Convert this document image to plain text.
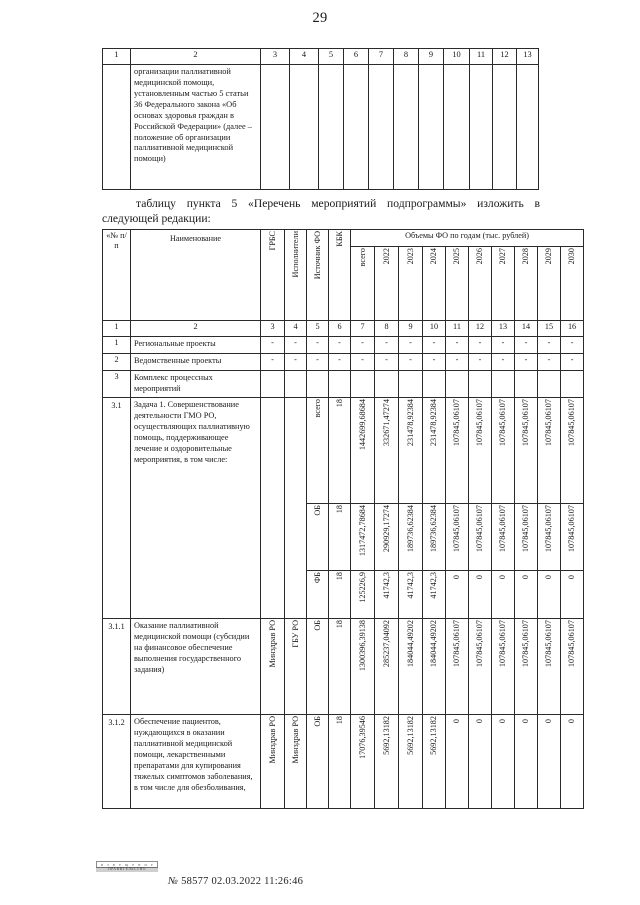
29
1	2	3	4	5	6	7	8	9	10	11	12	13
	организации паллиативной медицинской помощи, установленным частью 5 статьи 36 Федерального закона «Об основах здоровья граждан в Российской Федерации» (далее – положение об организации паллиативной медицинской помощи)											
таблицу пункта 5 «Перечень мероприятий подпрограммы» изложить в следующей редакции:
«№ п/п	Наименование	ГРБС	Исполнители	Источник ФО	КБК	Объемы ФО по годам (тыс. рублей)									
						всего	2022	2023	2024	2025	2026	2027	2028	2029	2030
1	2	3	4	5	6	7	8	9	10	11	12	13	14	15	16
1	Региональные проекты	-	-	-	-	-	-	-	-	-	-	-	-	-	-
2	Ведомственные проекты	-	-	-	-	-	-	-	-	-	-	-	-	-	-
3	Комплекс процессных мероприятий														
3.1	Задача 1. Совершенствование деятельности ГМО РО, осуществляющих паллиативную помощь, поддерживающее лечение и оздоровительные мероприятия, в том числе:			всего	18	1442699,68684	332671,47274	231478,92384	231478,92384	107845,06107	107845,06107	107845,06107	107845,06107	107845,06107	107845,06107
				ОБ	18	1317472,78684	290929,17274	189736,62384	189736,62384	107845,06107	107845,06107	107845,06107	107845,06107	107845,06107	107845,06107
				ФБ	18	125226,9	41742,3	41742,3	41742,3	0	0	0	0	0	0
3.1.1	Оказание паллиативной медицинской помощи (субсидии на финансовое обеспечение выполнения государственного задания)	Минздрав РО	ГБУ РО	ОБ	18	1300396,39138	285237,04092	184044,49202	184044,49202	107845,06107	107845,06107	107845,06107	107845,06107	107845,06107	107845,06107
3.1.2	Обеспечение пациентов, нуждающихся в оказании паллиативной медицинской помощи, лекарственными препаратами для купирования тяжелых симптомов заболевания, в том числе для обезболивания,	Минздрав РО	Минздрав РО	ОБ	18	17076,39546	5692,13182	5692,13182	5692,13182	0	0	0	0	0	0
и з в е щ е н и е
ПРАВИТЕЛЬСТВО
№ 58577 02.03.2022 11:26:46
